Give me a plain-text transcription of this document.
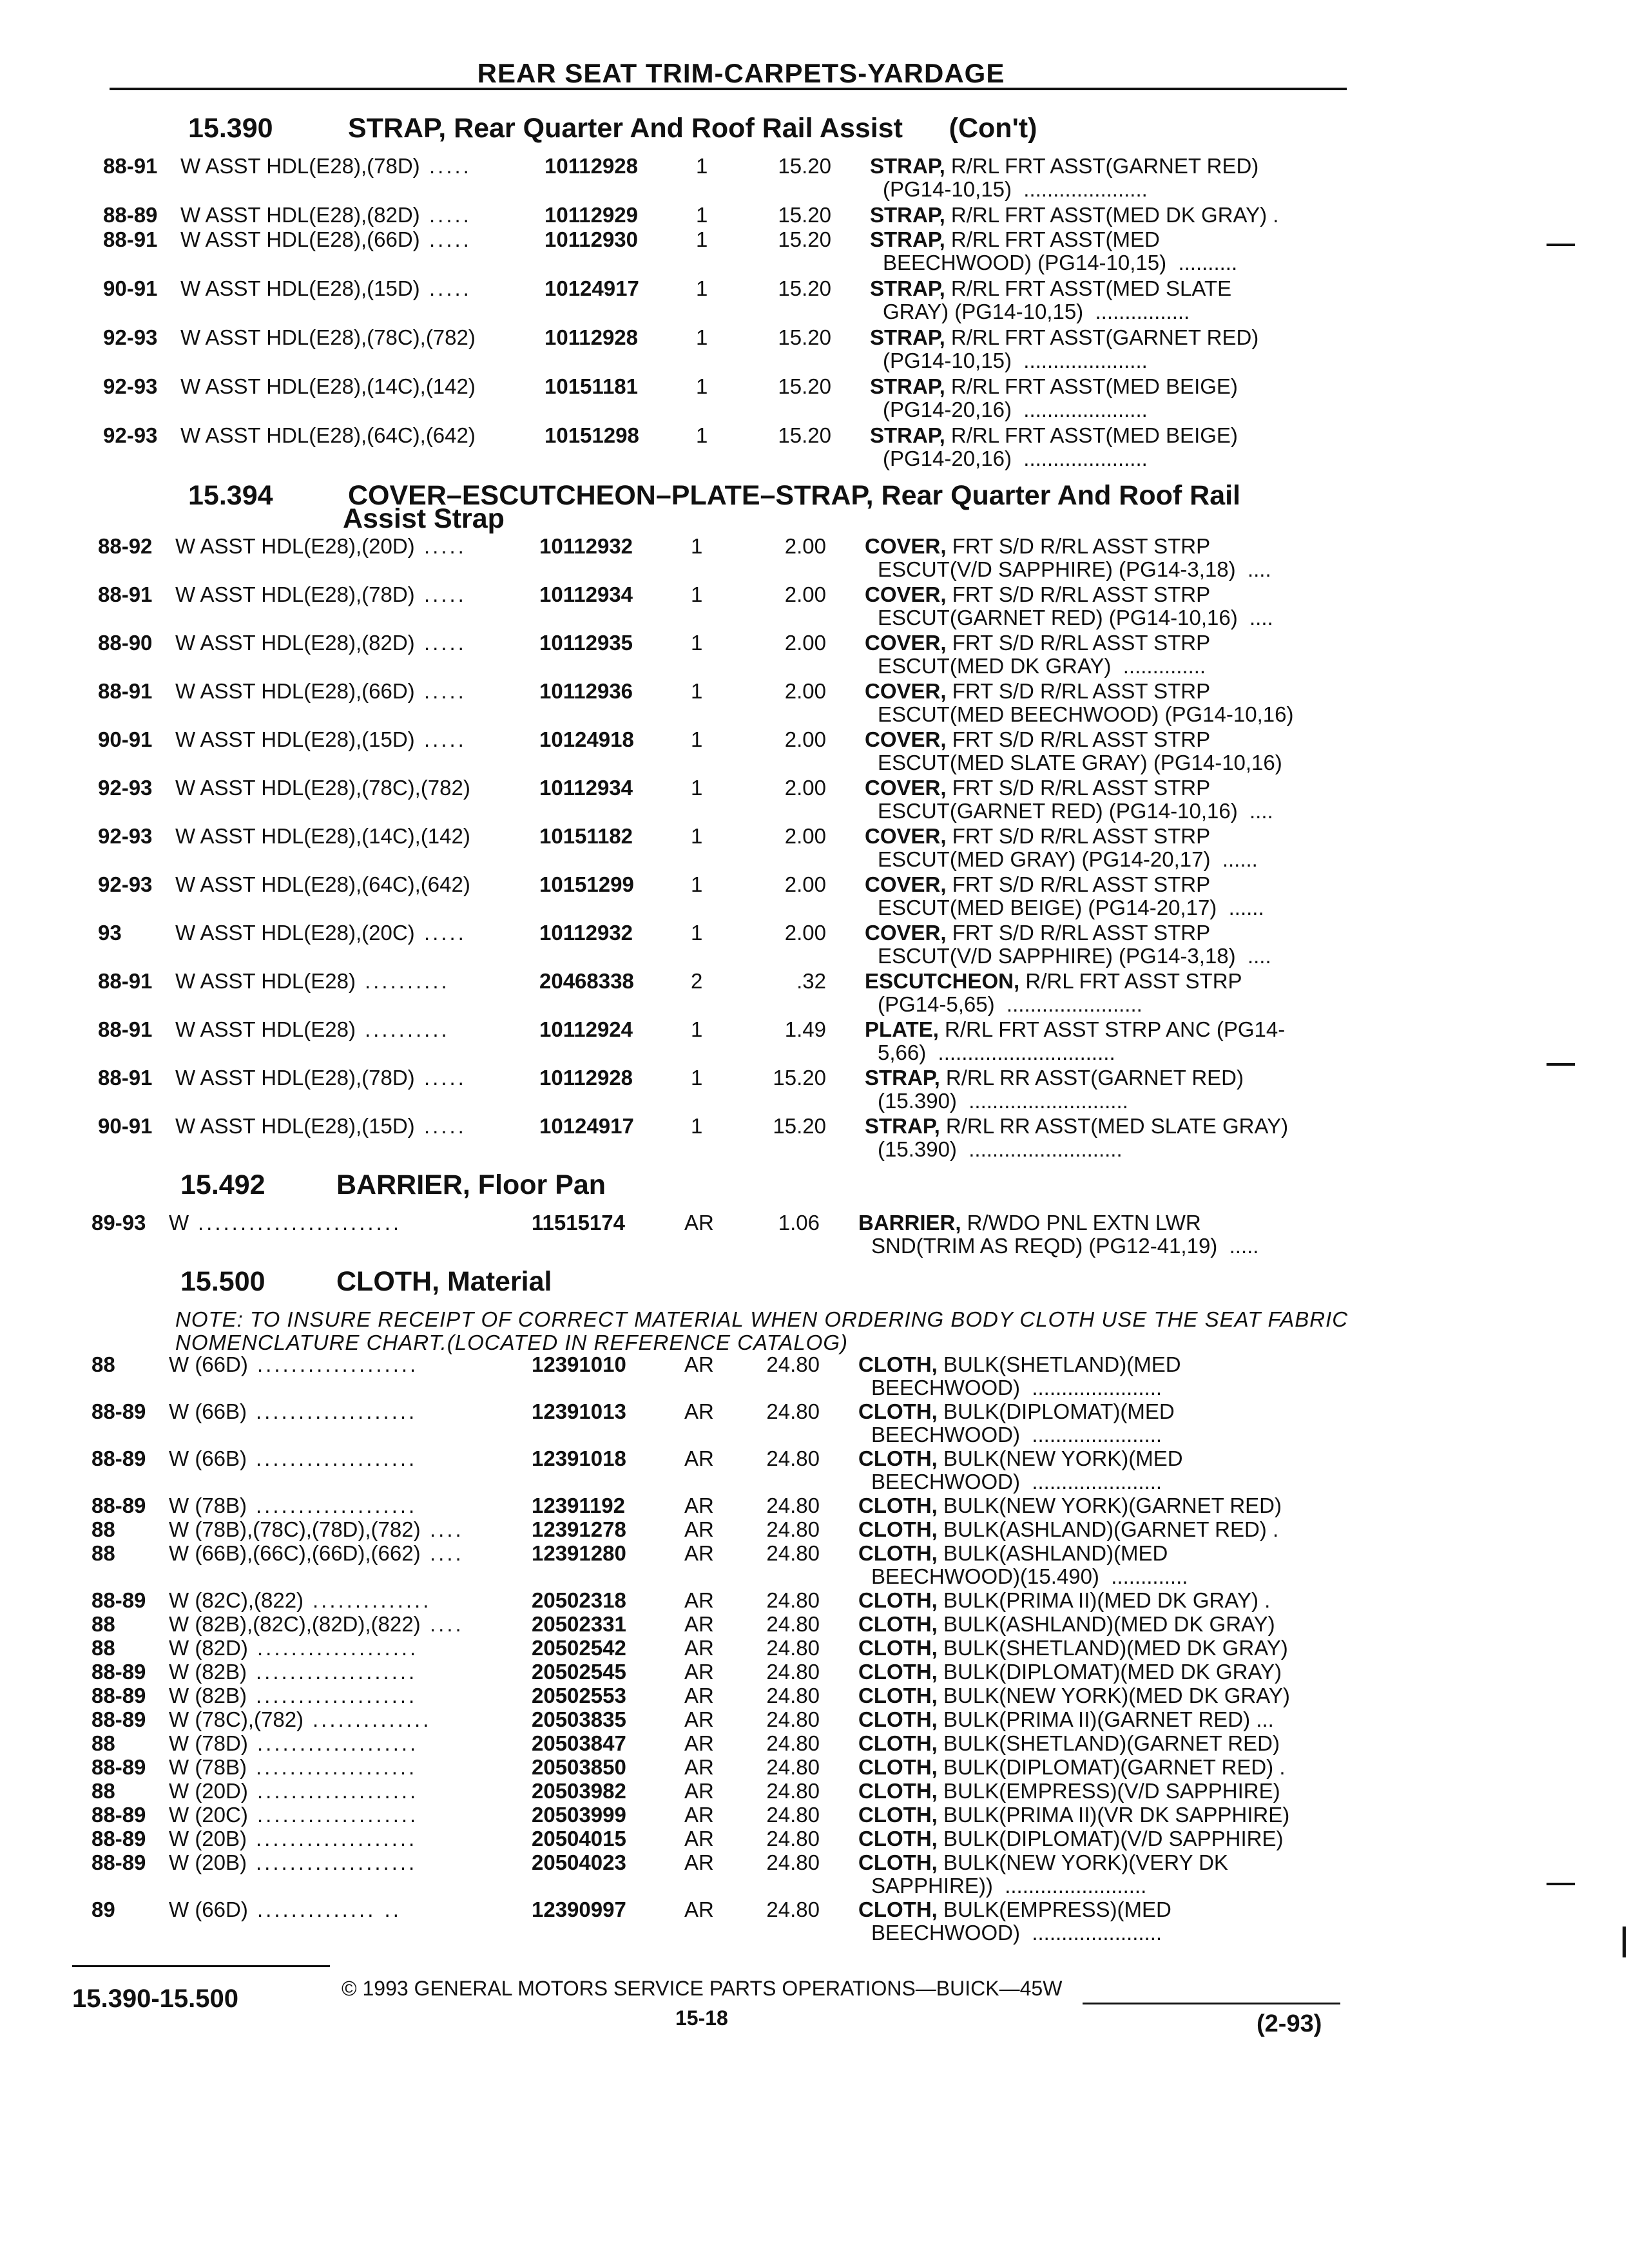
REAR SEAT TRIM-CARPETS-YARDAGE
15.390	STRAP, Rear Quarter And Roof Rail Assist      (Con't)
88-91 W ASST HDL(E28),(78D) .....	10112928	1	15.20 STRAP, R/RL FRT ASST(GARNET RED)
(PG14-10,15)  .....................
88-89 W ASST HDL(E28),(82D) .....	10112929	1	15.20 STRAP, R/RL FRT ASST(MED DK GRAY) .
88-91 W ASST HDL(E28),(66D) .....	10112930	1	15.20 STRAP, R/RL FRT ASST(MED
BEECHWOOD) (PG14-10,15)  ..........
90-91 W ASST HDL(E28),(15D) .....	10124917	1	15.20 STRAP, R/RL FRT ASST(MED SLATE
GRAY) (PG14-10,15)  ................
92-93 W ASST HDL(E28),(78C),(782)	10112928	1	15.20 STRAP, R/RL FRT ASST(GARNET RED)
(PG14-10,15)  .....................
92-93 W ASST HDL(E28),(14C),(142)	10151181	1	15.20 STRAP, R/RL FRT ASST(MED BEIGE)
(PG14-20,16)  .....................
92-93 W ASST HDL(E28),(64C),(642)	10151298	1	15.20 STRAP, R/RL FRT ASST(MED BEIGE)
(PG14-20,16)  .....................
15.394	COVER–ESCUTCHEON–PLATE–STRAP, Rear Quarter And Roof Rail
Assist Strap
88-92 W ASST HDL(E28),(20D) .....	10112932	1	2.00 COVER, FRT S/D R/RL ASST STRP
ESCUT(V/D SAPPHIRE) (PG14-3,18)  ....
88-91 W ASST HDL(E28),(78D) .....	10112934	1	2.00 COVER, FRT S/D R/RL ASST STRP
ESCUT(GARNET RED) (PG14-10,16)  ....
88-90 W ASST HDL(E28),(82D) .....	10112935	1	2.00 COVER, FRT S/D R/RL ASST STRP
ESCUT(MED DK GRAY)  ..............
88-91 W ASST HDL(E28),(66D) .....	10112936	1	2.00 COVER, FRT S/D R/RL ASST STRP
ESCUT(MED BEECHWOOD) (PG14-10,16)
90-91 W ASST HDL(E28),(15D) .....	10124918	1	2.00 COVER, FRT S/D R/RL ASST STRP
ESCUT(MED SLATE GRAY) (PG14-10,16)
92-93 W ASST HDL(E28),(78C),(782)	10112934	1	2.00 COVER, FRT S/D R/RL ASST STRP
ESCUT(GARNET RED) (PG14-10,16)  ....
92-93 W ASST HDL(E28),(14C),(142)	10151182	1	2.00 COVER, FRT S/D R/RL ASST STRP
ESCUT(MED GRAY) (PG14-20,17)  ......
92-93 W ASST HDL(E28),(64C),(642)	10151299	1	2.00 COVER, FRT S/D R/RL ASST STRP
ESCUT(MED BEIGE) (PG14-20,17)  ......
93	W ASST HDL(E28),(20C) .....	10112932	1	2.00 COVER, FRT S/D R/RL ASST STRP
ESCUT(V/D SAPPHIRE) (PG14-3,18)  ....
88-91 W ASST HDL(E28) ..........	20468338	2	.32 ESCUTCHEON, R/RL FRT ASST STRP
(PG14-5,65)  .......................
88-91 W ASST HDL(E28) ..........	10112924	1	1.49 PLATE, R/RL FRT ASST STRP ANC (PG14-
5,66)  ..............................
88-91 W ASST HDL(E28),(78D) .....	10112928	1	15.20 STRAP, R/RL RR ASST(GARNET RED)
(15.390)  ...........................
90-91 W ASST HDL(E28),(15D) .....	10124917	1	15.20 STRAP, R/RL RR ASST(MED SLATE GRAY)
(15.390)  ..........................
15.492	BARRIER, Floor Pan
89-93 W ........................	11515174	AR	1.06 BARRIER, R/WDO PNL EXTN LWR
SND(TRIM AS REQD) (PG12-41,19)  .....
15.500	CLOTH, Material
NOTE: TO INSURE RECEIPT OF CORRECT MATERIAL WHEN ORDERING BODY CLOTH USE THE SEAT FABRIC NOMENCLATURE CHART.(LOCATED IN REFERENCE CATALOG)
88	W (66D) ...................	12391010	AR	24.80 CLOTH, BULK(SHETLAND)(MED
BEECHWOOD)  ......................
88-89 W (66B) ...................	12391013	AR	24.80 CLOTH, BULK(DIPLOMAT)(MED
BEECHWOOD)  ......................
88-89 W (66B) ...................	12391018	AR	24.80 CLOTH, BULK(NEW YORK)(MED
BEECHWOOD)  ......................
88-89 W (78B) ...................	12391192	AR	24.80 CLOTH, BULK(NEW YORK)(GARNET RED)
88	W (78B),(78C),(78D),(782) ....	12391278	AR	24.80 CLOTH, BULK(ASHLAND)(GARNET RED) .
88	W (66B),(66C),(66D),(662) ....	12391280	AR	24.80 CLOTH, BULK(ASHLAND)(MED
BEECHWOOD)(15.490)  .............
88-89 W (82C),(822) ..............	20502318	AR	24.80 CLOTH, BULK(PRIMA II)(MED DK GRAY) .
88	W (82B),(82C),(82D),(822) ....	20502331	AR	24.80 CLOTH, BULK(ASHLAND)(MED DK GRAY)
88	W (82D) ...................	20502542	AR	24.80 CLOTH, BULK(SHETLAND)(MED DK GRAY)
88-89 W (82B) ...................	20502545	AR	24.80 CLOTH, BULK(DIPLOMAT)(MED DK GRAY)
88-89 W (82B) ...................	20502553	AR	24.80 CLOTH, BULK(NEW YORK)(MED DK GRAY)
88-89 W (78C),(782) ..............	20503835	AR	24.80 CLOTH, BULK(PRIMA II)(GARNET RED) ...
88	W (78D) ...................	20503847	AR	24.80 CLOTH, BULK(SHETLAND)(GARNET RED)
88-89 W (78B) ...................	20503850	AR	24.80 CLOTH, BULK(DIPLOMAT)(GARNET RED) .
88	W (20D) ...................	20503982	AR	24.80 CLOTH, BULK(EMPRESS)(V/D SAPPHIRE)
88-89 W (20C) ...................	20503999	AR	24.80 CLOTH, BULK(PRIMA II)(VR DK SAPPHIRE)
88-89 W (20B) ...................	20504015	AR	24.80 CLOTH, BULK(DIPLOMAT)(V/D SAPPHIRE)
88-89 W (20B) ...................	20504023	AR	24.80 CLOTH, BULK(NEW YORK)(VERY DK
SAPPHIRE))  ........................
89	W (66D) .............. ..	12390997	AR	24.80 CLOTH, BULK(EMPRESS)(MED
BEECHWOOD)  ......................
© 1993 GENERAL MOTORS SERVICE PARTS OPERATIONS—BUICK—45W
15.390-15.500
15-18	(2-93)
